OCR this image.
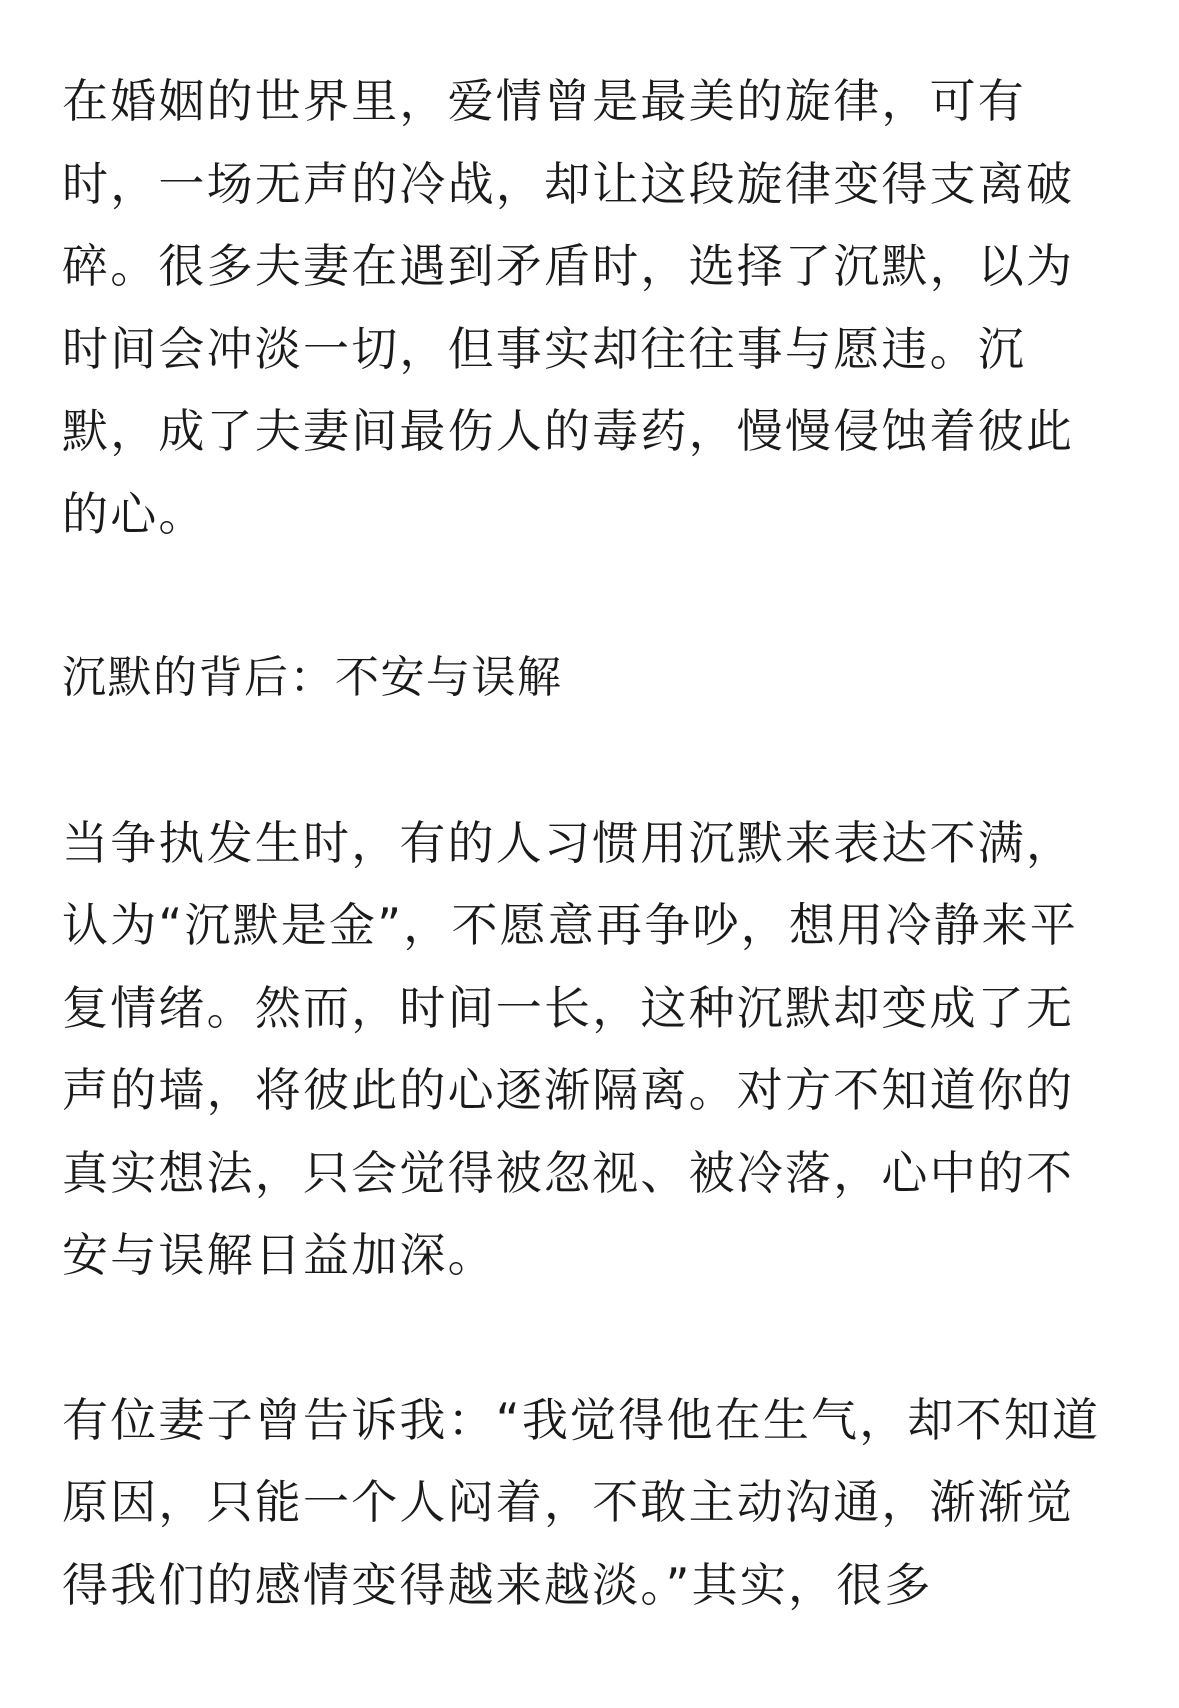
在婚姻的世界里，爱情曾是最美的旋律，可有时，一场无声的冷战，却让这段旋律变得支离破碎。很多夫妻在遇到矛盾时，选择了沉默，以为时间会冲淡一切，但事实却往往事与愿违。沉默，成了夫妻间最伤人的毒药，慢慢侵蚀着彼此的心。

沉默的背后：不安与误解

当争执发生时，有的人习惯用沉默来表达不满，认为“沉默是金”，不愿意再争吵，想用冷静来平复情绪。然而，时间一长，这种沉默却变成了无声的墙，将彼此的心逐渐隔离。对方不知道你的真实想法，只会觉得被忽视、被冷落，心中的不安与误解日益加深。

有位妻子曾告诉我：“我觉得他在生气，却不知道原因，只能一个人闷着，不敢主动沟通，渐渐觉得我们的感情变得越来越淡。”其实，很多
